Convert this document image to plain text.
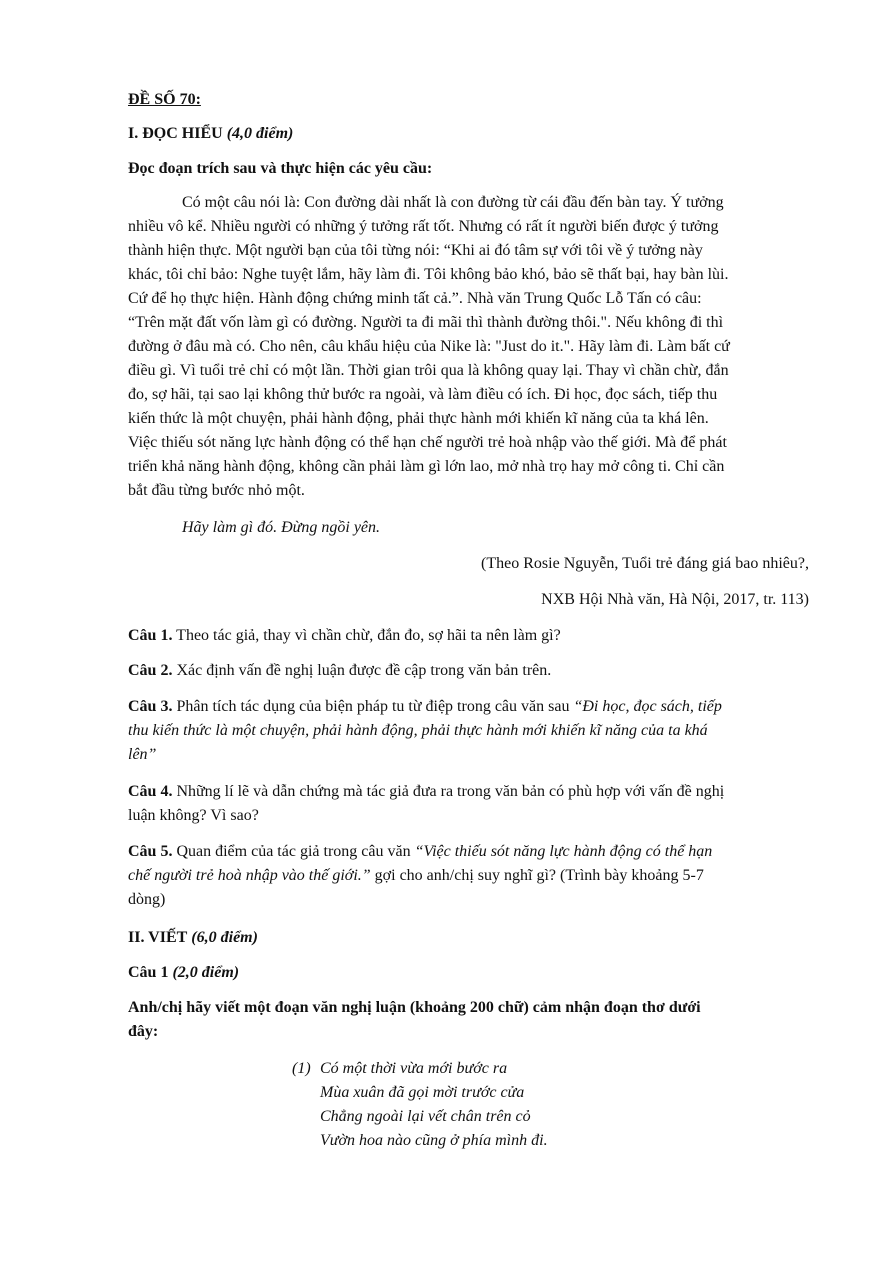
ĐỀ SỐ 70:
I. ĐỌC HIỂU (4,0 điểm)
Đọc đoạn trích sau và thực hiện các yêu cầu:
Có một câu nói là: Con đường dài nhất là con đường từ cái đầu đến bàn tay. Ý tưởng
nhiều vô kể. Nhiều người có những ý tưởng rất tốt. Nhưng có rất ít người biến được ý tưởng
thành hiện thực. Một người bạn của tôi từng nói: “Khi ai đó tâm sự với tôi về ý tưởng này
khác, tôi chỉ bảo: Nghe tuyệt lắm, hãy làm đi. Tôi không bảo khó, bảo sẽ thất bại, hay bàn lùi.
Cứ để họ thực hiện. Hành động chứng minh tất cả.”. Nhà văn Trung Quốc Lỗ Tấn có câu:
“Trên mặt đất vốn làm gì có đường. Người ta đi mãi thì thành đường thôi.". Nếu không đi thì
đường ở đâu mà có. Cho nên, câu khẩu hiệu của Nike là: "Just do it.". Hãy làm đi. Làm bất cứ
điều gì. Vì tuổi trẻ chỉ có một lần. Thời gian trôi qua là không quay lại. Thay vì chần chừ, đắn
đo, sợ hãi, tại sao lại không thử bước ra ngoài, và làm điều có ích. Đi học, đọc sách, tiếp thu
kiến thức là một chuyện, phải hành động, phải thực hành mới khiến kĩ năng của ta khá lên.
Việc thiếu sót năng lực hành động có thể hạn chế người trẻ hoà nhập vào thế giới. Mà để phát
triển khả năng hành động, không cần phải làm gì lớn lao, mở nhà trọ hay mở công ti. Chỉ cần
bắt đầu từng bước nhỏ một.
Hãy làm gì đó. Đừng ngồi yên.
(Theo Rosie Nguyễn, Tuổi trẻ đáng giá bao nhiêu?,
NXB Hội Nhà văn, Hà Nội, 2017, tr. 113)
Câu 1. Theo tác giả, thay vì chần chừ, đắn đo, sợ hãi ta nên làm gì?
Câu 2. Xác định vấn đề nghị luận được đề cập trong văn bản trên.
Câu 3. Phân tích tác dụng của biện pháp tu từ điệp trong câu văn sau “Đi học, đọc sách, tiếp
thu kiến thức là một chuyện, phải hành động, phải thực hành mới khiến kĩ năng của ta khá
lên”
Câu 4. Những lí lẽ và dẫn chứng mà tác giả đưa ra trong văn bản có phù hợp với vấn đề nghị
luận không? Vì sao?
Câu 5. Quan điểm của tác giả trong câu văn “Việc thiếu sót năng lực hành động có thể hạn
chế người trẻ hoà nhập vào thế giới.” gợi cho anh/chị suy nghĩ gì? (Trình bày khoảng 5-7
dòng)
II. VIẾT (6,0 điểm)
Câu 1 (2,0 điểm)
Anh/chị hãy viết một đoạn văn nghị luận (khoảng 200 chữ) cảm nhận đoạn thơ dưới
đây:
(1) Có một thời vừa mới bước ra
Mùa xuân đã gọi mời trước cửa
Chẳng ngoài lại vết chân trên cỏ
Vườn hoa nào cũng ở phía mình đi.
